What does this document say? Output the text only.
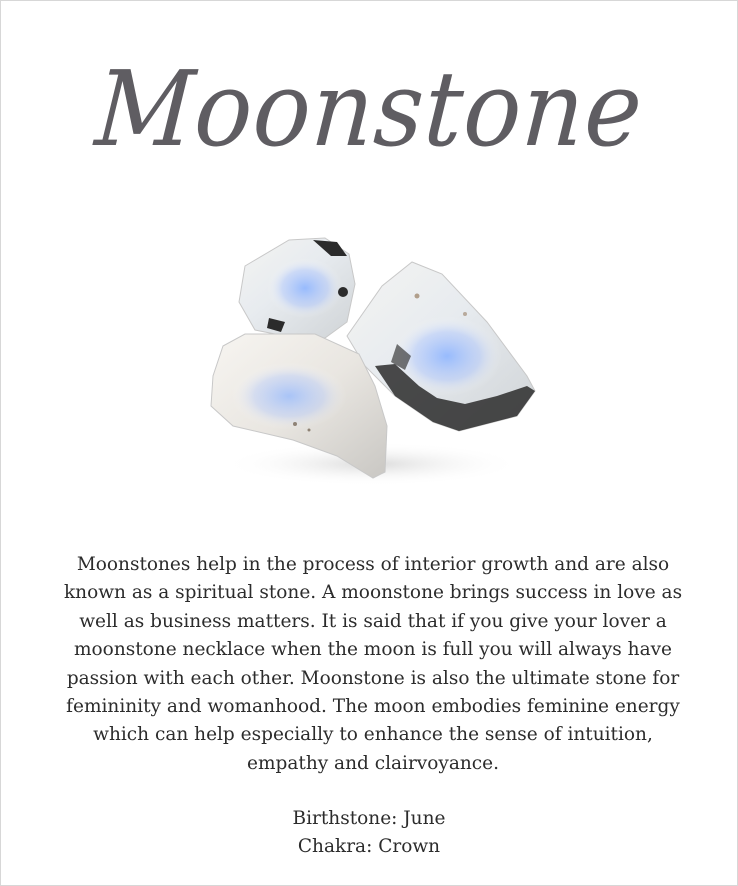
Moonstone

Moonstones help in the process of interior growth and are also known as a spiritual stone. A moonstone brings success in love as well as business matters. It is said that if you give your lover a moonstone necklace when the moon is full you will always have passion with each other. Moonstone is also the ultimate stone for femininity and womanhood. The moon embodies feminine energy which can help especially to enhance the sense of intuition, empathy and clairvoyance.

Birthstone: June
Chakra: Crown
